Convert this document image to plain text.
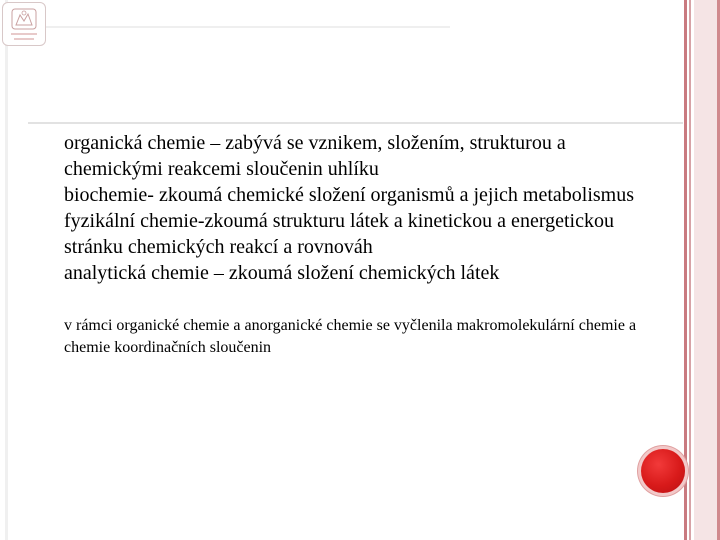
organická chemie – zabývá se vznikem, složením, strukturou a chemickými reakcemi sloučenin uhlíku
biochemie- zkoumá chemické složení organismů a jejich metabolismus
fyzikální chemie-zkoumá strukturu látek a kinetickou a energetickou stránku chemických reakcí a rovnováh
analytická chemie – zkoumá složení chemických látek
v rámci organické chemie a anorganické chemie se vyčlenila makromolekulární chemie a chemie koordinačních sloučenin
